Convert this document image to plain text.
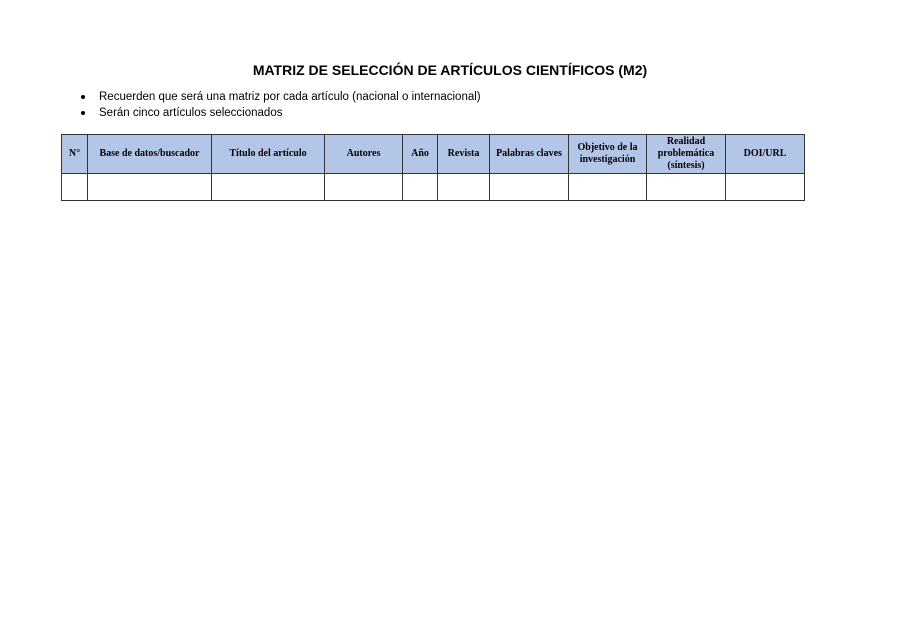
MATRIZ DE SELECCIÓN DE ARTÍCULOS CIENTÍFICOS (M2)
Recuerden que será una matriz por cada artículo (nacional o internacional)
Serán cinco artículos seleccionados
N°	Base de datos/buscador	Título del artículo	Autores	Año	Revista	Palabras claves	Objetivo de la investigación	Realidad problemática (síntesis)	DOI/URL
